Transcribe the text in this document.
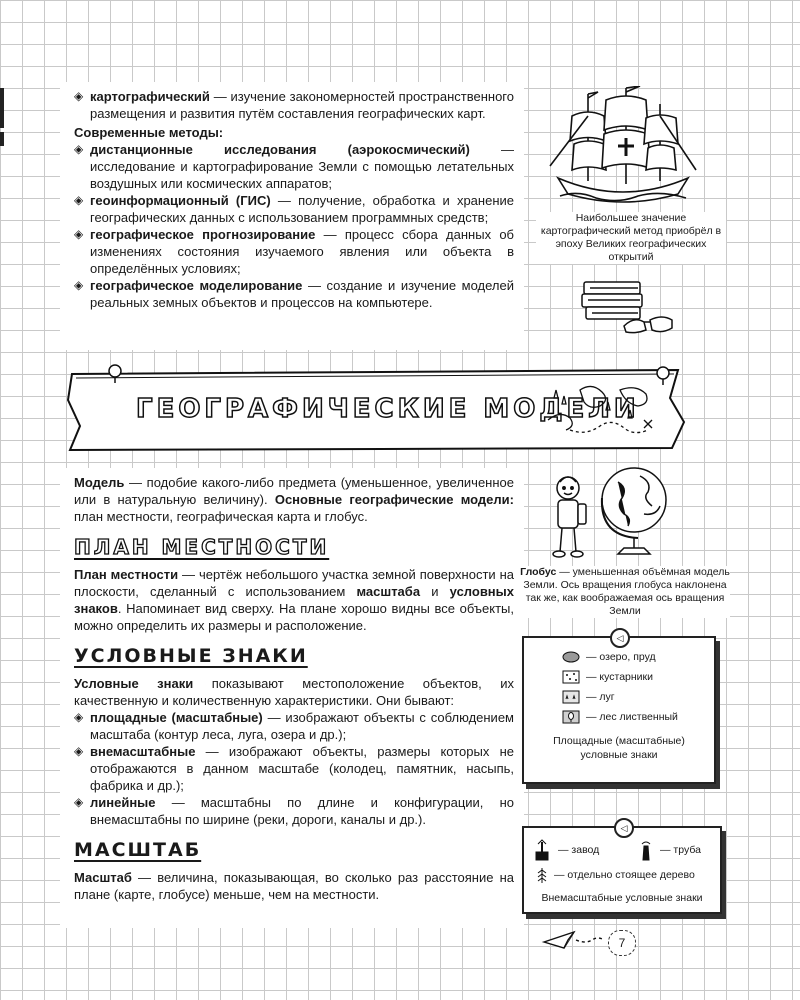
◈ картографический — изучение закономерностей пространственного размещения и развития путём составления географических карт.

Современные методы:

◈ дистанционные исследования (аэрокосмический) — исследование и картографирование Земли с помощью летательных воздушных или космических аппаратов;
◈ геоинформационный (ГИС) — получение, обработка и хранение географических данных с использованием программных средств;
◈ географическое прогнозирование — процесс сбора данных об изменениях состояния изучаемого явления или объекта в определённых условиях;
◈ географическое моделирование — создание и изучение моделей реальных земных объектов и процессов на компьютере.
Наибольшее значение картографический метод приобрёл в эпоху Великих географических открытий
ГЕОГРАФИЧЕСКИЕ МОДЕЛИ

Модель — подобие какого-либо предмета (уменьшенное, увеличенное или в натуральную величину). Основные географические модели: план местности, географическая карта и глобус.

ПЛАН МЕСТНОСТИ

План местности — чертёж небольшого участка земной поверхности на плоскости, сделанный с использованием масштаба и условных знаков. Напоминает вид сверху. На плане хорошо видны все объекты, можно определить их размеры и расположение.

УСЛОВНЫЕ ЗНАКИ

Условные знаки показывают местоположение объектов, их качественную и количественную характеристики. Они бывают:

◈ площадные (масштабные) — изображают объекты с соблюдением масштаба (контур леса, луга, озера и др.);
◈ внемасштабные — изображают объекты, размеры которых не отображаются в данном масштабе (колодец, памятник, насыпь, фабрика и др.);
◈ линейные — масштабны по длине и конфигурации, но внемасштабны по ширине (реки, дороги, каналы и др.).
МАСШТАБ

Масштаб — величина, показывающая, во сколько раз расстояние на плане (карте, глобусе) меньше, чем на местности.

Глобус — уменьшенная объёмная модель Земли. Ось вращения глобуса наклонена так же, как воображаемая ось вращения Земли
◁
— озеро, пруд
— кустарники
— луг
— лес лиственный
Площадные (масштабные) условные знаки
◁
— завод	— труба
— отдельно стоящее дерево
Внемасштабные условные знаки
7
